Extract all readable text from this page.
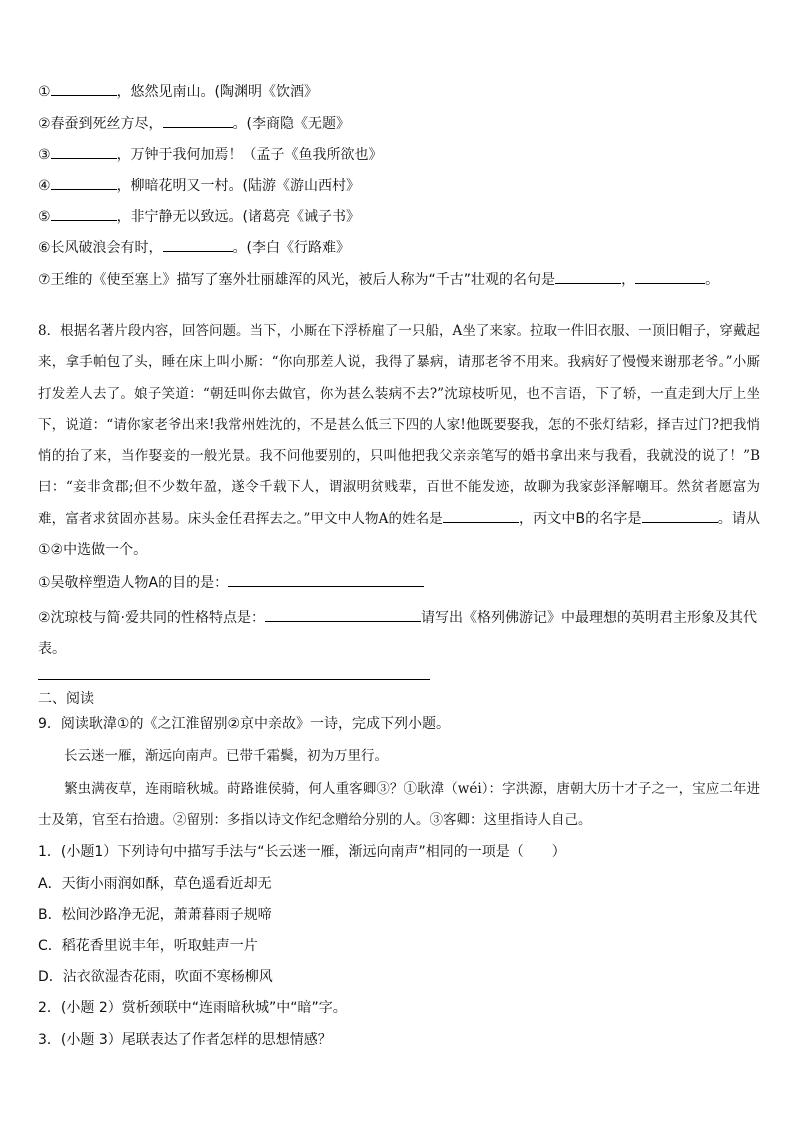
①	，悠然见南山。(陶渊明《饮酒》
②春蚕到死丝方尽，	。(李商隐《无题》
③	，万钟于我何加焉！（孟子《鱼我所欲也》
④	，柳暗花明又一村。(陆游《游山西村》
⑤	，非宁静无以致远。(诸葛亮《诫子书》
⑥长风破浪会有时，	。(李白《行路难》
⑦王维的《使至塞上》描写了塞外壮丽雄浑的风光，被后人称为“千古”壮观的名句是	，	。
8．根据名著片段内容，回答问题。当下，小厮在下浮桥雇了一只船，A坐了来家。拉取一件旧衣服、一顶旧帽子，穿戴起来，拿手帕包了头，睡在床上叫小厮：“你向那差人说，我得了暴病，请那老爷不用来。我病好了慢慢来谢那老爷。”小厮打发差人去了。娘子笑道：“朝廷叫你去做官，你为甚么装病不去?”沈琼枝听见，也不言语，下了轿，一直走到大厅上坐下，说道：“请你家老爷出来!我常州姓沈的，不是甚么低三下四的人家!他既要娶我，怎的不张灯结彩，择吉过门?把我悄悄的抬了来，当作娶妾的一般光景。我不问他要别的，只叫他把我父亲亲笔写的婚书拿出来与我看，我就没的说了！”B曰：“妾非贪郡;但不少数年盈，遂令千载下人，谓淑明贫贱辈，百世不能发迹，故聊为我家彭泽解嘲耳。然贫者愿富为难，富者求贫固亦甚易。床头金任君挥去之。”甲文中人物A的姓名是	，丙文中B的名字是	。请从①②中选做一个。
①吴敬梓塑造人物A的目的是：
②沈琼枝与简·爱共同的性格特点是：	请写出《格列佛游记》中最理想的英明君主形象及其代表。
二、阅读
9．阅读耿湋①的《之江淮留别②京中亲故》一诗，完成下列小题。
长云迷一雁，渐远向南声。已带千霜鬓，初为万里行。
繁虫满夜草，连雨暗秋城。莳路谁侯骑，何人重客卿③？①耿湋（wéi）：字洪源，唐朝大历十才子之一，宝应二年进士及第，官至右拾遗。②留别：多指以诗文作纪念赠给分别的人。③客卿：这里指诗人自己。
1．(小题1）下列诗句中描写手法与“长云迷一雁，渐远向南声”相同的一项是（　　）
A．天街小雨润如酥，草色遥看近却无
B．松间沙路净无泥，萧萧暮雨子规啼
C．稻花香里说丰年，听取蛙声一片
D．沾衣欲湿杏花雨，吹面不寒杨柳风
2．(小题 2）赏析颈联中“连雨暗秋城”中“暗”字。
3．(小题 3）尾联表达了作者怎样的思想情感？
